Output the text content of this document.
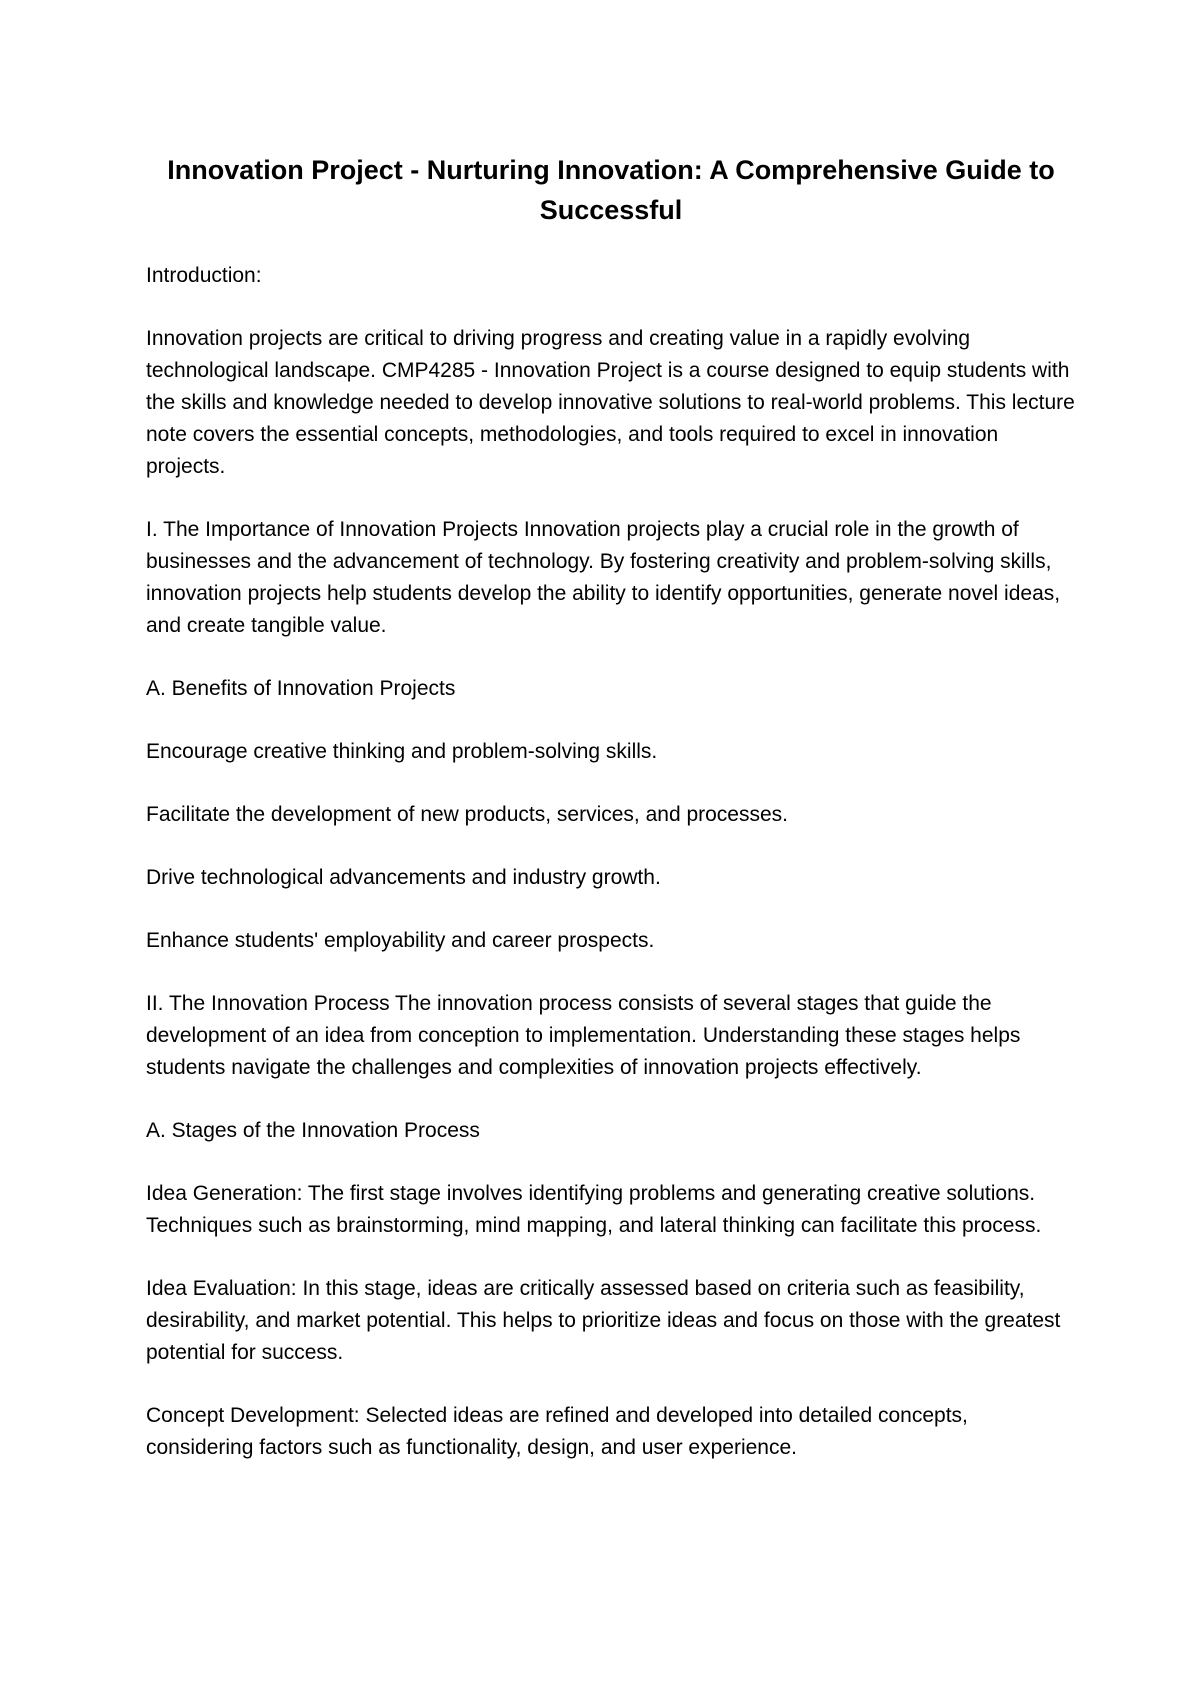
Innovation Project - Nurturing Innovation: A Comprehensive Guide to Successful

Introduction:

Innovation projects are critical to driving progress and creating value in a rapidly evolving technological landscape. CMP4285 - Innovation Project is a course designed to equip students with the skills and knowledge needed to develop innovative solutions to real-world problems. This lecture note covers the essential concepts, methodologies, and tools required to excel in innovation projects.

I. The Importance of Innovation Projects Innovation projects play a crucial role in the growth of businesses and the advancement of technology. By fostering creativity and problem-solving skills, innovation projects help students develop the ability to identify opportunities, generate novel ideas, and create tangible value.

A. Benefits of Innovation Projects

Encourage creative thinking and problem-solving skills.

Facilitate the development of new products, services, and processes.

Drive technological advancements and industry growth.

Enhance students' employability and career prospects.

II. The Innovation Process The innovation process consists of several stages that guide the development of an idea from conception to implementation. Understanding these stages helps students navigate the challenges and complexities of innovation projects effectively.

A. Stages of the Innovation Process

Idea Generation: The first stage involves identifying problems and generating creative solutions. Techniques such as brainstorming, mind mapping, and lateral thinking can facilitate this process.

Idea Evaluation: In this stage, ideas are critically assessed based on criteria such as feasibility, desirability, and market potential. This helps to prioritize ideas and focus on those with the greatest potential for success.

Concept Development: Selected ideas are refined and developed into detailed concepts, considering factors such as functionality, design, and user experience.
